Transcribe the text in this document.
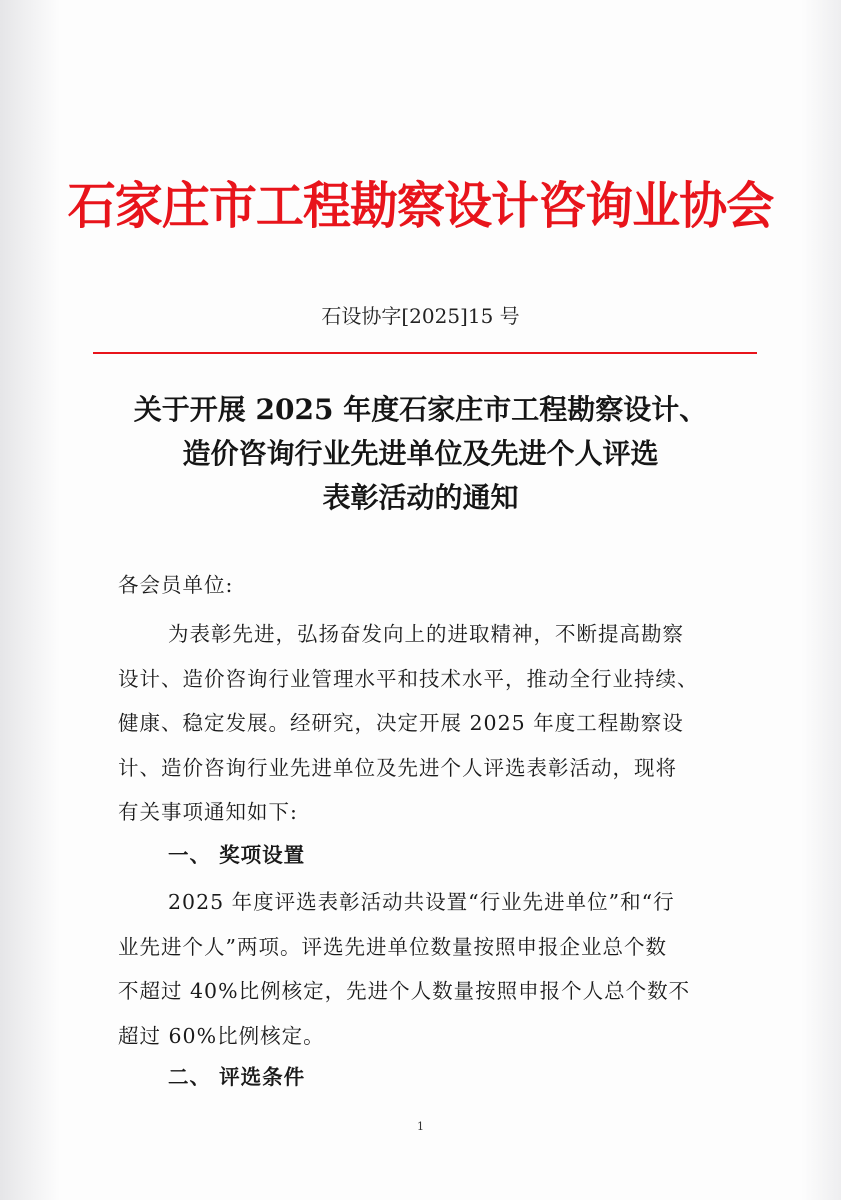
石家庄市工程勘察设计咨询业协会
石设协字[2025]15 号
关于开展 2025 年度石家庄市工程勘察设计、
造价咨询行业先进单位及先进个人评选
表彰活动的通知
各会员单位:
为表彰先进，弘扬奋发向上的进取精神，不断提高勘察
设计、造价咨询行业管理水平和技术水平，推动全行业持续、
健康、稳定发展。经研究，决定开展 2025 年度工程勘察设
计、造价咨询行业先进单位及先进个人评选表彰活动，现将
有关事项通知如下:
一、 奖项设置
2025 年度评选表彰活动共设置“行业先进单位”和“行
业先进个人”两项。评选先进单位数量按照申报企业总个数
不超过 40%比例核定，先进个人数量按照申报个人总个数不
超过 60%比例核定。
二、 评选条件
1
